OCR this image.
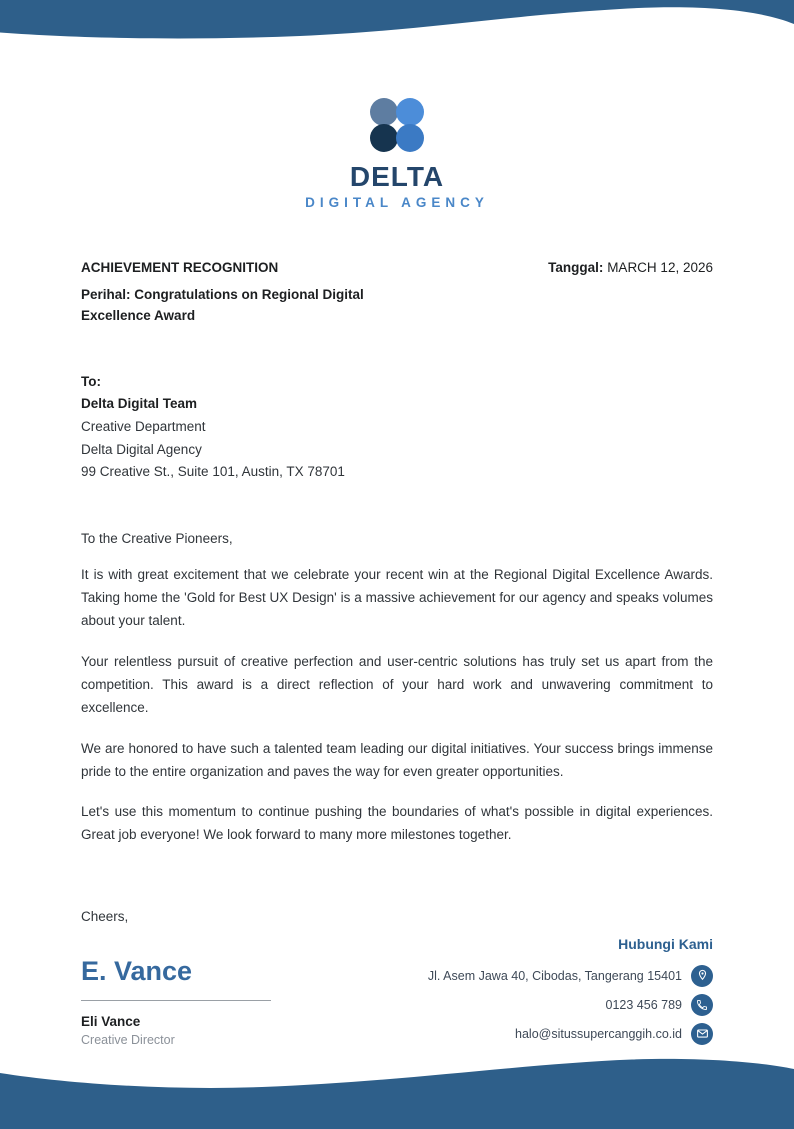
DELTA
DIGITAL AGENCY
ACHIEVEMENT RECOGNITION
Perihal: Congratulations on Regional Digital Excellence Award
Tanggal: MARCH 12, 2026
To:
Delta Digital Team
Creative Department
Delta Digital Agency
99 Creative St., Suite 101, Austin, TX 78701
To the Creative Pioneers,

It is with great excitement that we celebrate your recent win at the Regional Digital Excellence Awards. Taking home the 'Gold for Best UX Design' is a massive achievement for our agency and speaks volumes about your talent.

Your relentless pursuit of creative perfection and user-centric solutions has truly set us apart from the competition. This award is a direct reflection of your hard work and unwavering commitment to excellence.

We are honored to have such a talented team leading our digital initiatives. Your success brings immense pride to the entire organization and paves the way for even greater opportunities.

Let's use this momentum to continue pushing the boundaries of what's possible in digital experiences. Great job everyone! We look forward to many more milestones together.

Cheers,
E. Vance
Eli Vance
Creative Director
Hubungi Kami
Jl. Asem Jawa 40, Cibodas, Tangerang 15401
0123 456 789
halo@situssupercanggih.co.id
